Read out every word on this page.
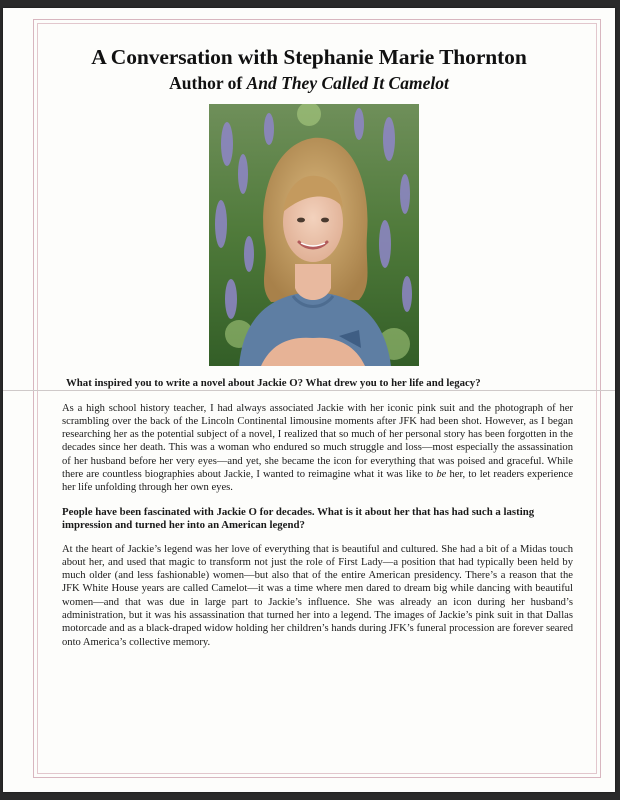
A Conversation with Stephanie Marie Thornton
Author of And They Called It Camelot

What inspired you to write a novel about Jackie O? What drew you to her life and legacy?

As a high school history teacher, I had always associated Jackie with her iconic pink suit and the photograph of her scrambling over the back of the Lincoln Continental limousine moments after JFK had been shot. However, as I began researching her as the potential subject of a novel, I realized that so much of her personal story has been forgotten in the decades since her death. This was a woman who endured so much struggle and loss—most especially the assassination of her husband before her very eyes—and yet, she became the icon for everything that was poised and graceful. While there are countless biographies about Jackie, I wanted to reimagine what it was like to be her, to let readers experience her life unfolding through her own eyes.

People have been fascinated with Jackie O for decades. What is it about her that has had such a lasting impression and turned her into an American legend?

At the heart of Jackie’s legend was her love of everything that is beautiful and cultured. She had a bit of a Midas touch about her, and used that magic to transform not just the role of First Lady—a position that had typically been held by much older (and less fashionable) women—but also that of the entire American presidency. There’s a reason that the JFK White House years are called Camelot—it was a time where men dared to dream big while dancing with beautiful women—and that was due in large part to Jackie’s influence. She was already an icon during her husband’s administration, but it was his assassination that turned her into a legend. The images of Jackie’s pink suit in that Dallas motorcade and as a black-draped widow holding her children’s hands during JFK’s funeral procession are forever seared onto America’s collective memory.
